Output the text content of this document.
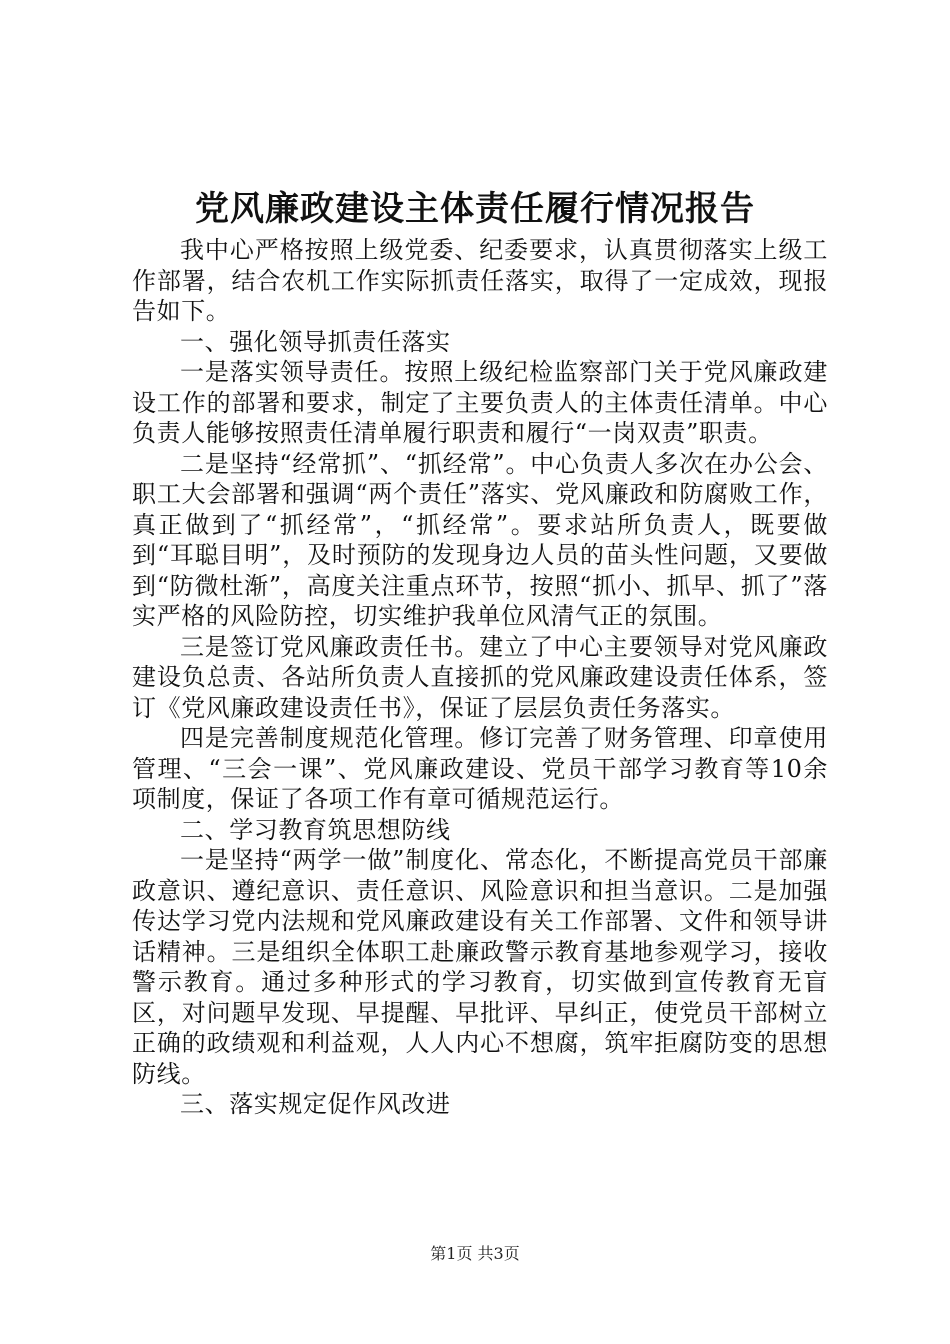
党风廉政建设主体责任履行情况报告

我中心严格按照上级党委、纪委要求，认真贯彻落实上级工作部署，结合农机工作实际抓责任落实，取得了一定成效，现报告如下。

一、强化领导抓责任落实

一是落实领导责任。按照上级纪检监察部门关于党风廉政建设工作的部署和要求，制定了主要负责人的主体责任清单。中心负责人能够按照责任清单履行职责和履行“一岗双责”职责。

二是坚持“经常抓”、“抓经常”。中心负责人多次在办公会、职工大会部署和强调“两个责任”落实、党风廉政和防腐败工作，真正做到了“抓经常”，“抓经常”。要求站所负责人，既要做到“耳聪目明”，及时预防的发现身边人员的苗头性问题，又要做到“防微杜渐”，高度关注重点环节，按照“抓小、抓早、抓了”落实严格的风险防控，切实维护我单位风清气正的氛围。

三是签订党风廉政责任书。建立了中心主要领导对党风廉政建设负总责、各站所负责人直接抓的党风廉政建设责任体系，签订《党风廉政建设责任书》，保证了层层负责任务落实。

四是完善制度规范化管理。修订完善了财务管理、印章使用管理、“三会一课”、党风廉政建设、党员干部学习教育等10余项制度，保证了各项工作有章可循规范运行。

二、学习教育筑思想防线

一是坚持“两学一做”制度化、常态化，不断提高党员干部廉政意识、遵纪意识、责任意识、风险意识和担当意识。二是加强传达学习党内法规和党风廉政建设有关工作部署、文件和领导讲话精神。三是组织全体职工赴廉政警示教育基地参观学习，接收警示教育。通过多种形式的学习教育，切实做到宣传教育无盲区，对问题早发现、早提醒、早批评、早纠正，使党员干部树立正确的政绩观和利益观，人人内心不想腐，筑牢拒腐防变的思想防线。

三、落实规定促作风改进

第1页 共3页
